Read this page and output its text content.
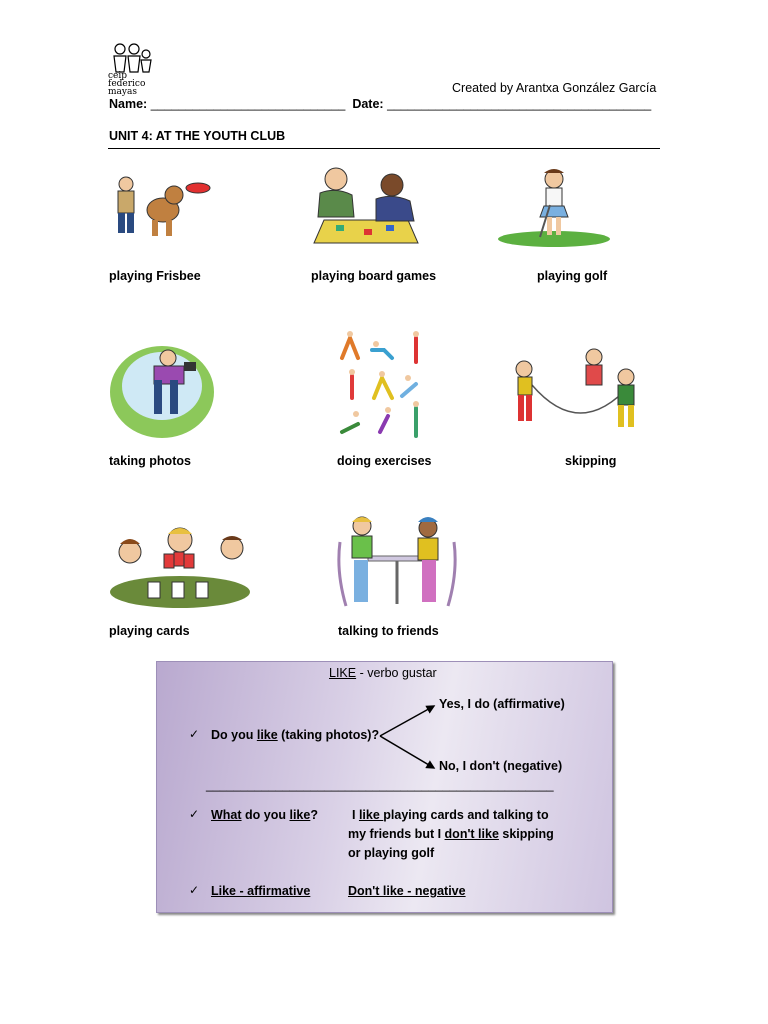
ceip
federico
mayas	Created by Arantxa González García
Name: ____________________________ Date: ______________________________________
UNIT 4: AT THE YOUTH CLUB
playing Frisbee	playing board games	playing golf
taking photos	doing exercises	skipping
playing cards	talking to friends
LIKE - verbo gustar
Yes, I do (affirmative)
✓ Do you like (taking photos)?
No, I don't (negative)
__________________________________________________
✓ What do you like?	I like playing cards and talking to
my friends but I don't like skipping
or playing golf
✓ Like - affirmative	Don't like - negative
